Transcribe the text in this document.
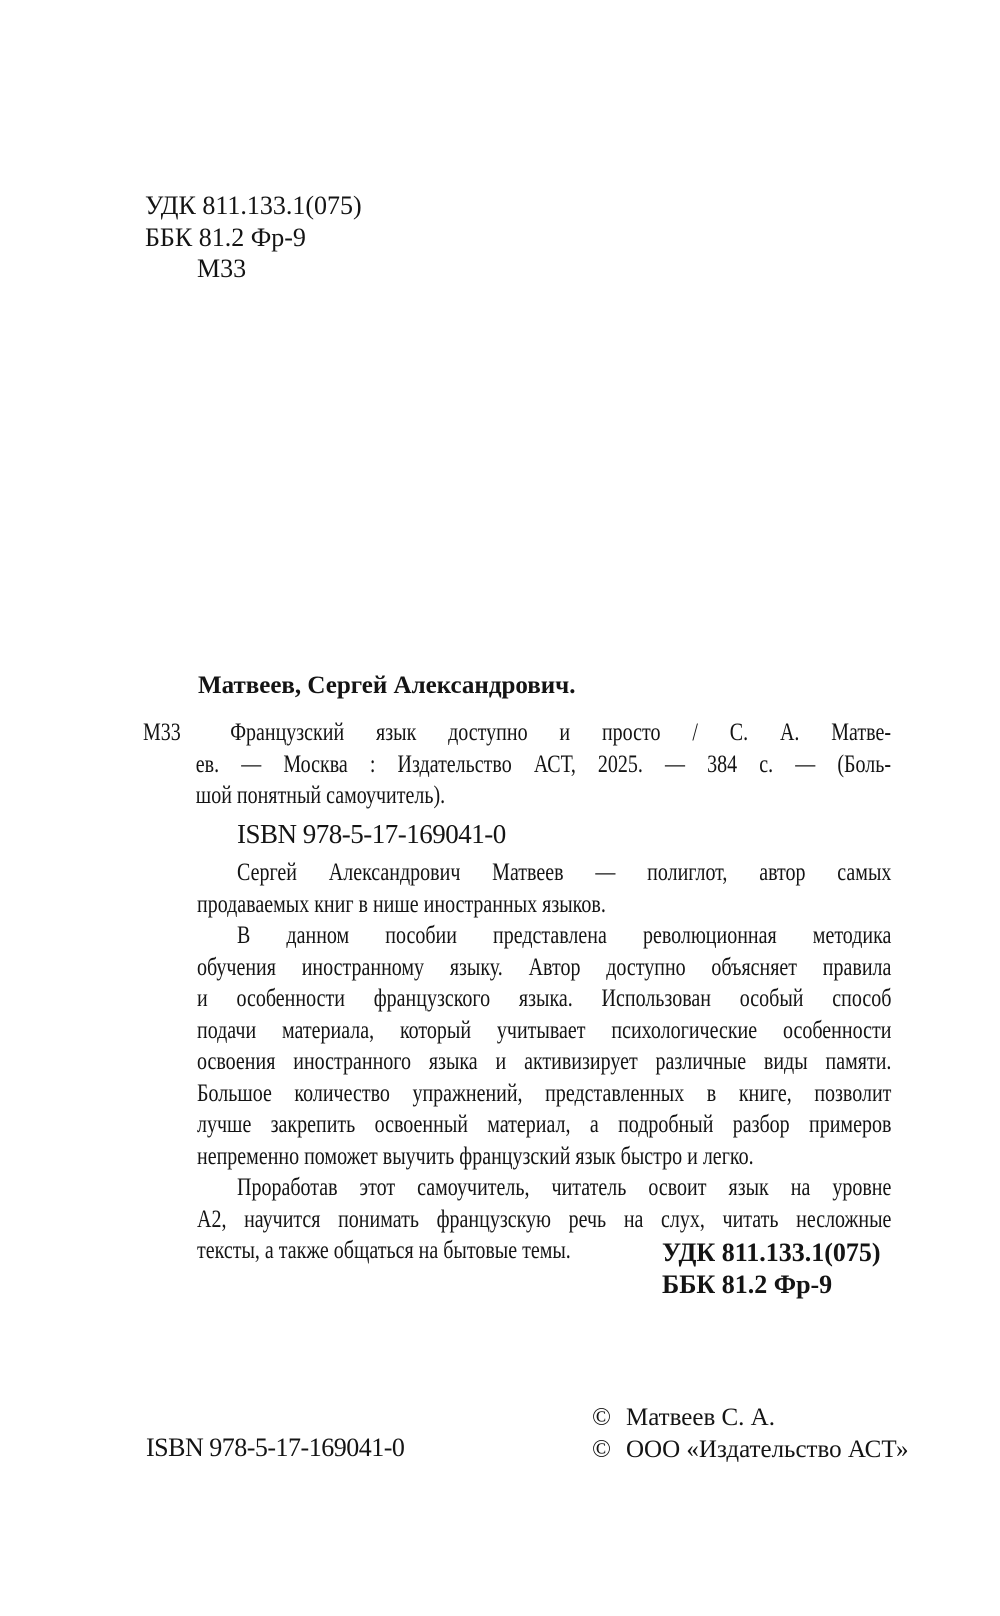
УДК 811.133.1(075)
ББК 81.2 Фр-9
М33
Матвеев, Сергей Александрович.
М33 Французский язык доступно и просто / С. А. Матве-
ев. — Москва : Издательство АСТ, 2025. — 384 с. — (Боль-
шой понятный самоучитель).
ISBN 978-5-17-169041-0
Сергей Александрович Матвеев — полиглот, автор самых
продаваемых книг в нише иностранных языков.
В данном пособии представлена революционная методика
обучения иностранному языку. Автор доступно объясняет правила
и особенности французского языка. Использован особый способ
подачи материала, который учитывает психологические особенности
освоения иностранного языка и активизирует различные виды памяти.
Большое количество упражнений, представленных в книге, позволит
лучше закрепить освоенный материал, а подробный разбор примеров
непременно поможет выучить французский язык быстро и легко.
Проработав этот самоучитель, читатель освоит язык на уровне
А2, научится понимать французскую речь на слух, читать несложные
тексты, а также общаться на бытовые темы.	УДК 811.133.1(075)
ББК 81.2 Фр-9
ISBN 978-5-17-169041-0
© Матвеев С. А.
© ООО «Издательство АСТ»
